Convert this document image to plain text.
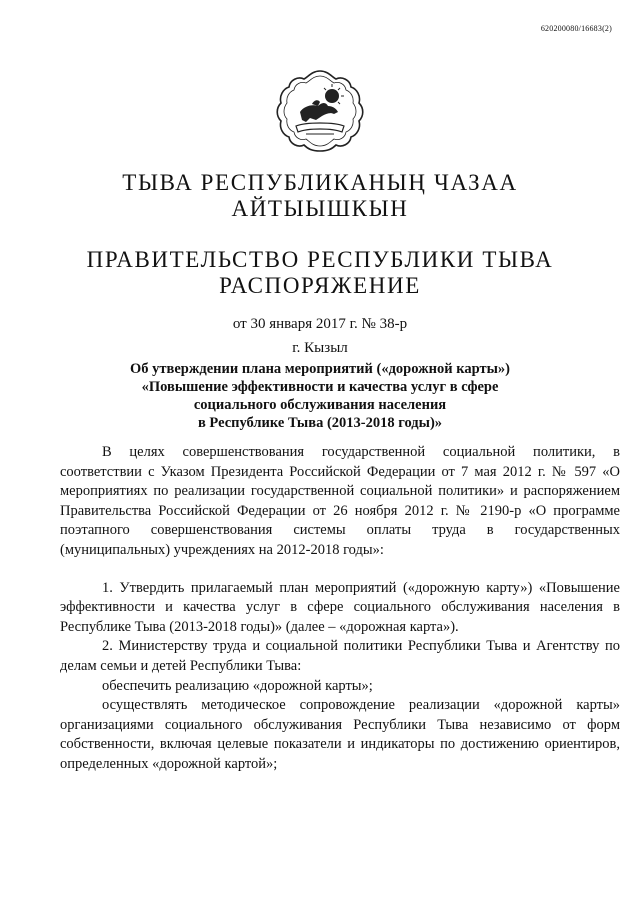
620200080/16683(2)
ТЫВА РЕСПУБЛИКАНЫҢ ЧАЗАА
АЙТЫЫШКЫН
ПРАВИТЕЛЬСТВО РЕСПУБЛИКИ ТЫВА
РАСПОРЯЖЕНИЕ
от 30 января 2017 г. № 38-р
г. Кызыл
Об утверждении плана мероприятий («дорожной карты»)
«Повышение эффективности и качества услуг в сфере
социального обслуживания населения
в Республике Тыва (2013-2018 годы)»

В целях совершенствования государственной социальной политики, в соответствии с Указом Президента Российской Федерации от 7 мая 2012 г. № 597 «О мероприятиях по реализации государственной социальной политики» и распоряжением Правительства Российской Федерации от 26 ноября 2012 г. № 2190-р «О программе поэтапного совершенствования системы оплаты труда в государственных (муниципальных) учреждениях на 2012-2018 годы»:

1. Утвердить прилагаемый план мероприятий («дорожную карту») «Повышение эффективности и качества услуг в сфере социального обслуживания населения в Республике Тыва (2013-2018 годы)» (далее – «дорожная карта»).

2. Министерству труда и социальной политики Республики Тыва и Агентству по делам семьи и детей Республики Тыва:

обеспечить реализацию «дорожной карты»;

осуществлять методическое сопровождение реализации «дорожной карты» организациями социального обслуживания Республики Тыва независимо от форм собственности, включая целевые показатели и индикаторы по достижению ориентиров, определенных «дорожной картой»;
